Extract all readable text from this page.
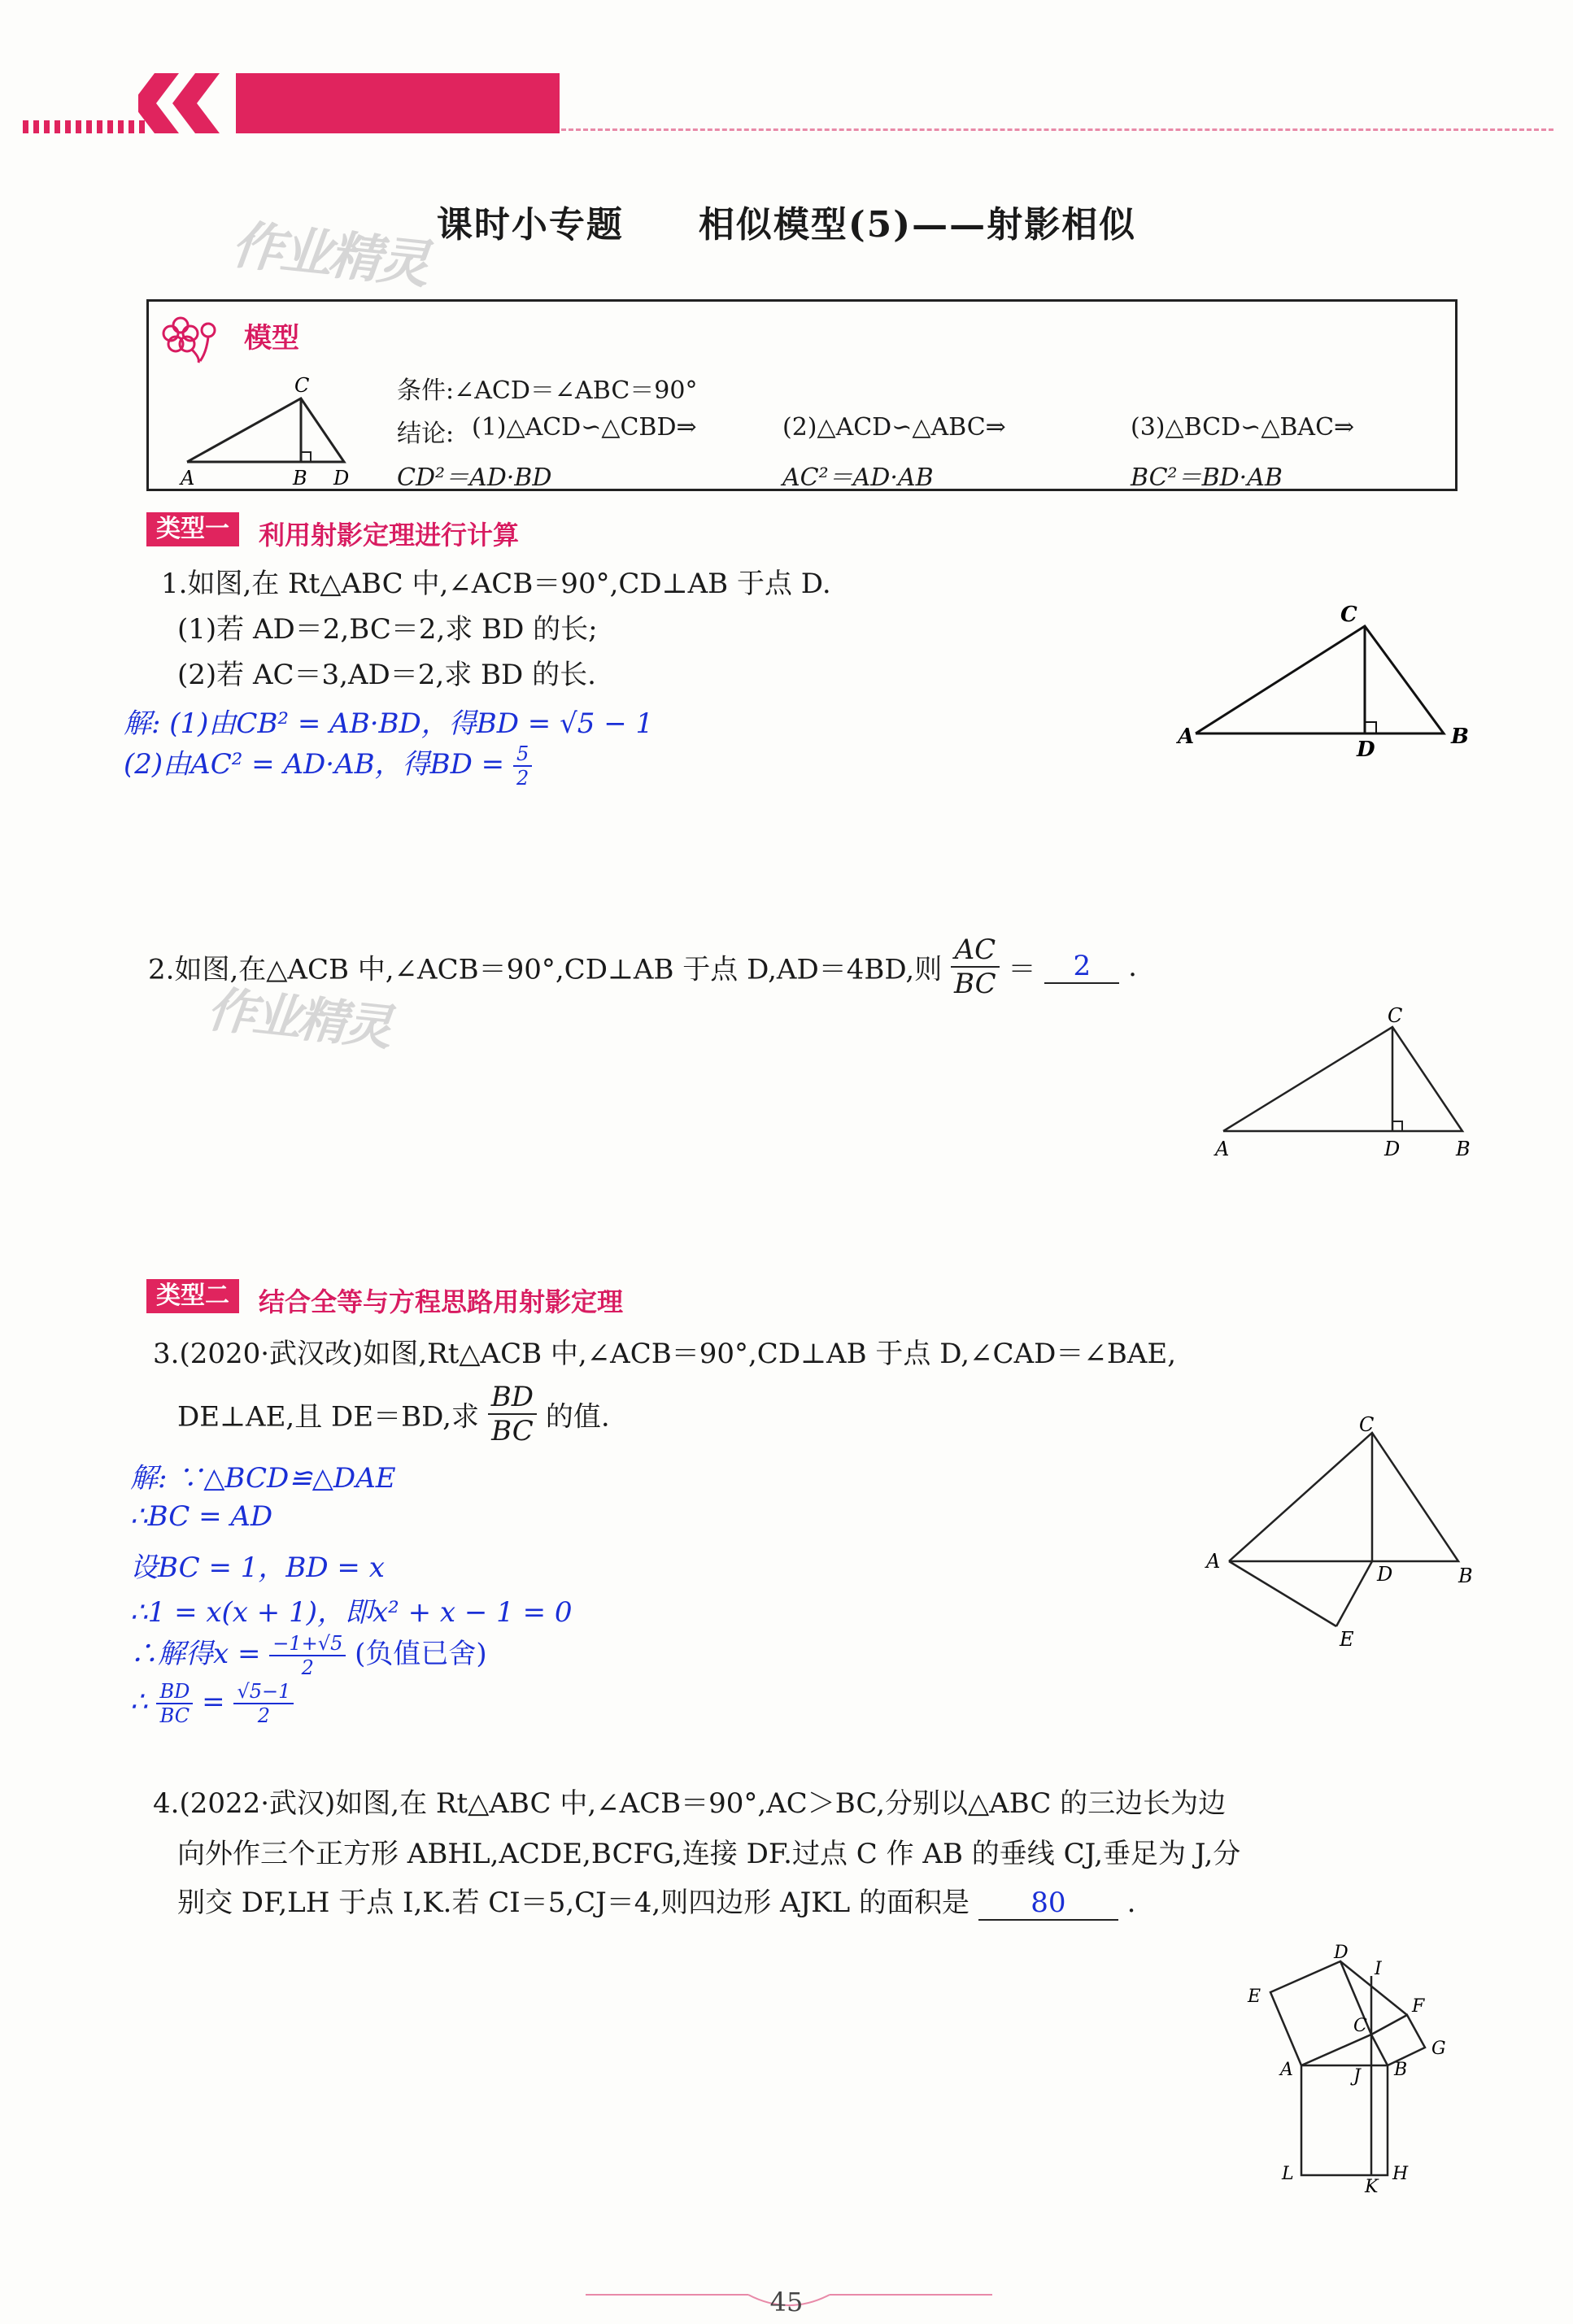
课时小专题　　相似模型(5)——射影相似
作业精灵
模型
C
A	B D
条件:∠ACD＝∠ABC＝90°
结论: (1)△ACD∽△CBD⇒	(2)△ACD∽△ABC⇒	(3)△BCD∽△BAC⇒
CD²＝AD·BD	AC²＝AD·AB	BC²＝BD·AB
类型一	利用射影定理进行计算
1.如图,在 Rt△ABC 中,∠ACB＝90°,CD⊥AB 于点 D.
(1)若 AD＝2,BC＝2,求 BD 的长;
(2)若 AC＝3,AD＝2,求 BD 的长.
解: (1)由CB² = AB·BD，得BD = √5 − 1
(2)由AC² = AD·AB，得BD = $\frac{5}{2}$
C
A
D
B
2.如图,在△ACB 中,∠ACB＝90°,CD⊥AB 于点 D,AD＝4BD,则 $\frac{AC}{BC} = 2$ .
作业精灵	C
A	D	B
类型二	结合全等与方程思路用射影定理
3.(2020·武汉改)如图,Rt△ACB 中,∠ACB＝90°,CD⊥AB 于点 D,∠CAD＝∠BAE,
DE⊥AE,且 DE＝BD,求 $\frac{BD}{BC}$ 的值.
解: ∵△BCD≌△DAE
∴BC = AD
设BC = 1，BD = x
∴1 = x(x + 1)，即x² + x − 1 = 0
∴解得$x = \frac{-1+√5}{2}$ (负值已舍)
∴ $\frac{BD}{BC} = \frac{√5-1}{2}$
C
A
D	B
E
4.(2022·武汉)如图,在 Rt△ABC 中,∠ACB＝90°,AC＞BC,分别以△ABC 的三边长为边
向外作三个正方形 ABHL,ACDE,BCFG,连接 DF.过点 C 作 AB 的垂线 CJ,垂足为 J,分
别交 DF,LH 于点 I,K.若 CI＝5,CJ＝4,则四边形 AJKL 的面积是 80 .
D
I
E	F
C
G
A	J B
L	H
K
45
